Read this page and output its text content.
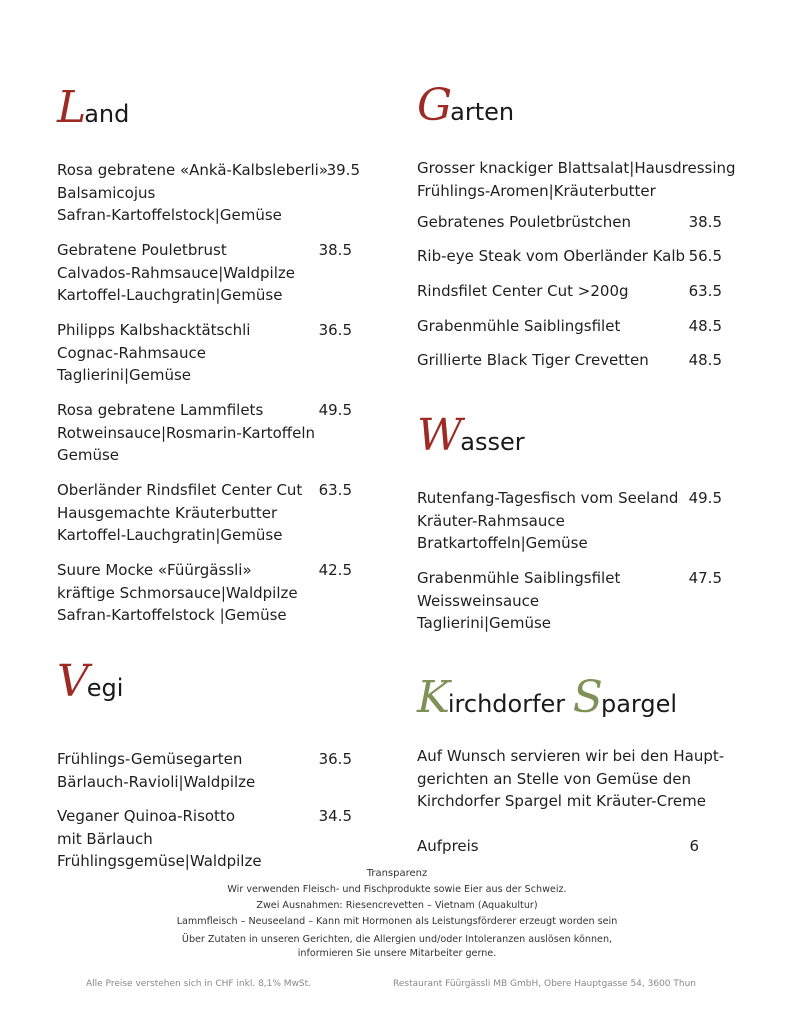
Land
Rosa gebratene «Ankä-Kalbsleberli»
Balsamicojus
Safran-Kartoffelstock|Gemüse
39.5
Gebratene Pouletbrust
Calvados-Rahmsauce|Waldpilze
Kartoffel-Lauchgratin|Gemüse
38.5
Philipps Kalbshacktätschli
Cognac-Rahmsauce
Taglierini|Gemüse
36.5
Rosa gebratene Lammfilets
Rotweinsauce|Rosmarin-Kartoffeln
Gemüse
49.5
Oberländer Rindsfilet Center Cut
Hausgemachte Kräuterbutter
Kartoffel-Lauchgratin|Gemüse
63.5
Suure Mocke «Füürgässli»
kräftige Schmorsauce|Waldpilze
Safran-Kartoffelstock |Gemüse
42.5
Vegi
Frühlings-Gemüsegarten
Bärlauch-Ravioli|Waldpilze
36.5
Veganer Quinoa-Risotto
mit Bärlauch
Frühlingsgemüse|Waldpilze
34.5
Garten
Grosser knackiger Blattsalat|Hausdressing
Frühlings-Aromen|Kräuterbutter
Gebratenes Pouletbrüstchen	38.5
Rib-eye Steak vom Oberländer Kalb 56.5
Rindsfilet Center Cut >200g	63.5
Grabenmühle Saiblingsfilet	48.5
Grillierte Black Tiger Crevetten	48.5
Wasser
Rutenfang-Tagesfisch vom Seeland
Kräuter-Rahmsauce
Bratkartoffeln|Gemüse
49.5
Grabenmühle Saiblingsfilet
Weissweinsauce
Taglierini|Gemüse
47.5
Kirchdorfer Spargel
Auf Wunsch servieren wir bei den Haupt-
gerichten an Stelle von Gemüse den
Kirchdorfer Spargel mit Kräuter-Creme
Aufpreis	6
Transparenz
Wir verwenden Fleisch- und Fischprodukte sowie Eier aus der Schweiz.
Zwei Ausnahmen: Riesencrevetten – Vietnam (Aquakultur)
Lammfleisch – Neuseeland – Kann mit Hormonen als Leistungsförderer erzeugt worden sein
Über Zutaten in unseren Gerichten, die Allergien und/oder Intoleranzen auslösen können,
informieren Sie unsere Mitarbeiter gerne.
Alle Preise verstehen sich in CHF inkl. 8,1% MwSt.	Restaurant Füürgässli MB GmbH, Obere Hauptgasse 54, 3600 Thun
